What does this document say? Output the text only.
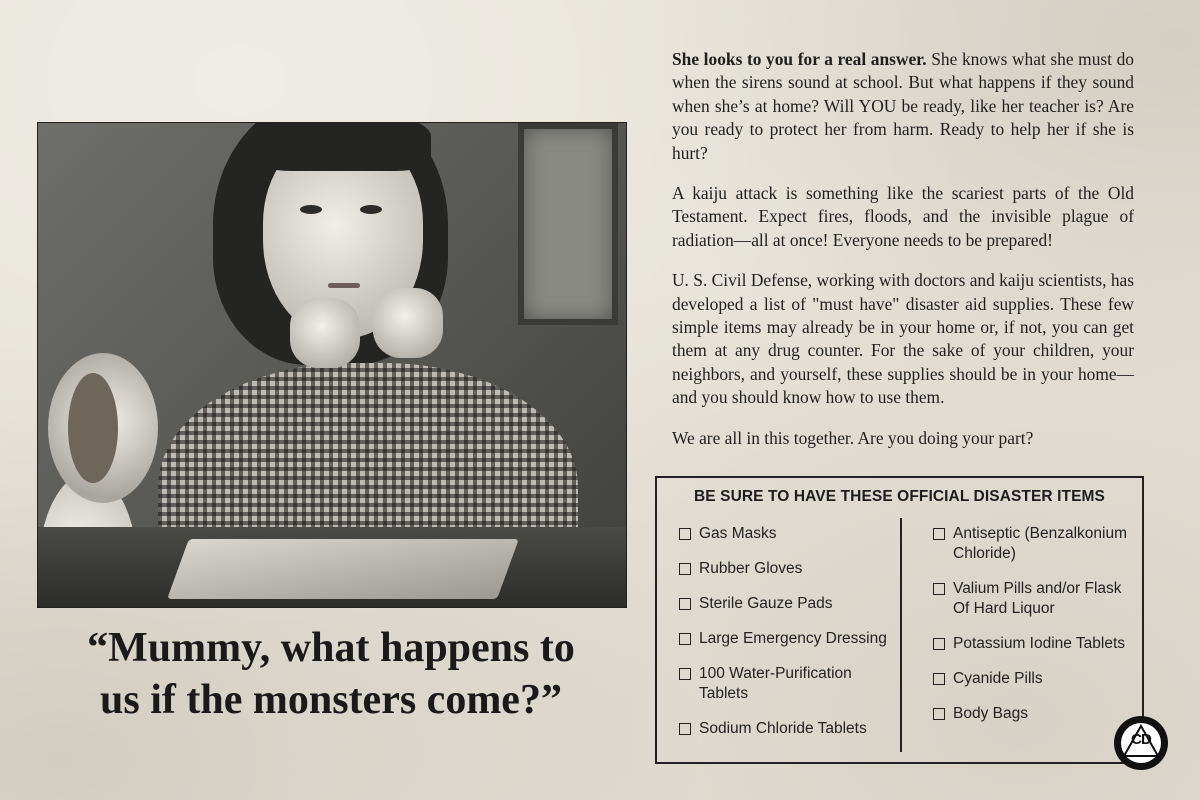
“Mummy, what happens to
us if the monsters come?”

She looks to you for a real answer. She knows what she must do when the sirens sound at school. But what happens if they sound when she’s at home? Will YOU be ready, like her teacher is? Are you ready to protect her from harm. Ready to help her if she is hurt?

A kaiju attack is something like the scariest parts of the Old Testament. Expect fires, floods, and the invisible plague of radiation—all at once! Everyone needs to be prepared!

U. S. Civil Defense, working with doctors and kaiju scientists, has developed a list of "must have" disaster aid supplies. These few simple items may already be in your home or, if not, you can get them at any drug counter. For the sake of your children, your neighbors, and yourself, these supplies should be in your home—and you should know how to use them.

We are all in this together. Are you doing your part?

BE SURE TO HAVE THESE OFFICIAL DISASTER ITEMS
Gas Masks
Rubber Gloves
Sterile Gauze Pads
Large Emergency Dressing
100 Water-Purification Tablets
Sodium Chloride Tablets
Antiseptic (Benzalkonium Chloride)
Valium Pills and/or Flask Of Hard Liquor
Potassium Iodine Tablets
Cyanide Pills
Body Bags
CD
